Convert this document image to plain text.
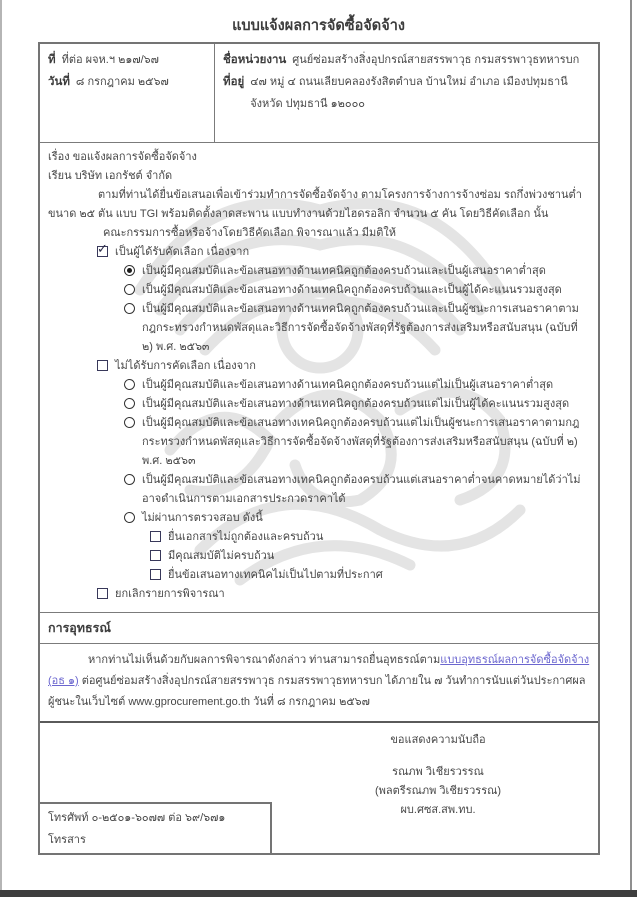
แบบแจ้งผลการจัดซื้อจัดจ้าง
ที่ ที่ต่อ ผจห.ฯ ๒๑๗/๖๗
วันที่ ๘ กรกฎาคม ๒๕๖๗
ชื่อหน่วยงาน ศูนย์ซ่อมสร้างสิ่งอุปกรณ์สายสรรพาวุธ กรมสรรพาวุธทหารบก
ที่อยู่ ๔๗ หมู่ ๔ ถนนเลียบคลองรังสิตตำบล บ้านใหม่ อำเภอ เมืองปทุมธานี จังหวัด ปทุมธานี ๑๒๐๐๐

เรื่อง ขอแจ้งผลการจัดซื้อจัดจ้าง

เรียน บริษัท เอกรัชต์ จำกัด

ตามที่ท่านได้ยื่นข้อเสนอเพื่อเข้าร่วมทำการจัดซื้อจัดจ้าง ตามโครงการจ้างการจ้างซ่อม รถกึ่งพ่วงชานต่ำ ขนาด ๒๕ ตัน แบบ TGI พร้อมติดตั้งลาดสะพาน แบบทำงานด้วยไฮดรอลิก จำนวน ๕ คัน โดยวิธีคัดเลือก นั้น

คณะกรรมการซื้อหรือจ้างโดยวิธีคัดเลือก พิจารณาแล้ว มีมติให้

✓
เป็นผู้ได้รับคัดเลือก เนื่องจาก
เป็นผู้มีคุณสมบัติและข้อเสนอทางด้านเทคนิคถูกต้องครบถ้วนและเป็นผู้เสนอราคาต่ำสุด
เป็นผู้มีคุณสมบัติและข้อเสนอทางด้านเทคนิคถูกต้องครบถ้วนและเป็นผู้ได้คะแนนรวมสูงสุด
เป็นผู้มีคุณสมบัติและข้อเสนอทางด้านเทคนิคถูกต้องครบถ้วนและเป็นผู้ชนะการเสนอราคาตามกฎกระทรวงกำหนดพัสดุและวิธีการจัดซื้อจัดจ้างพัสดุที่รัฐต้องการส่งเสริมหรือสนับสนุน (ฉบับที่ ๒) พ.ศ. ๒๕๖๓
ไม่ได้รับการคัดเลือก เนื่องจาก
เป็นผู้มีคุณสมบัติและข้อเสนอทางด้านเทคนิคถูกต้องครบถ้วนแต่ไม่เป็นผู้เสนอราคาต่ำสุด
เป็นผู้มีคุณสมบัติและข้อเสนอทางด้านเทคนิคถูกต้องครบถ้วนแต่ไม่เป็นผู้ได้คะแนนรวมสูงสุด
เป็นผู้มีคุณสมบัติและข้อเสนอทางเทคนิคถูกต้องครบถ้วนแต่ไม่เป็นผู้ชนะการเสนอราคาตามกฎกระทรวงกำหนดพัสดุและวิธีการจัดซื้อจัดจ้างพัสดุที่รัฐต้องการส่งเสริมหรือสนับสนุน (ฉบับที่ ๒) พ.ศ. ๒๕๖๓
เป็นผู้มีคุณสมบัติและข้อเสนอทางเทคนิคถูกต้องครบถ้วนแต่เสนอราคาต่ำจนคาดหมายได้ว่าไม่อาจดำเนินการตามเอกสารประกวดราคาได้
ไม่ผ่านการตรวจสอบ ดังนี้
ยื่นเอกสารไม่ถูกต้องและครบถ้วน
มีคุณสมบัติไม่ครบถ้วน
ยื่นข้อเสนอทางเทคนิคไม่เป็นไปตามที่ประกาศ
ยกเลิกรายการพิจารณา
การอุทธรณ์

หากท่านไม่เห็นด้วยกับผลการพิจารณาดังกล่าว ท่านสามารถยื่นอุทธรณ์ตามแบบอุทธรณ์ผลการจัดซื้อจัดจ้าง (อธ ๑) ต่อศูนย์ซ่อมสร้างสิ่งอุปกรณ์สายสรรพาวุธ กรมสรรพาวุธทหารบก ได้ภายใน ๗ วันทำการนับแต่วันประกาศผลผู้ชนะในเว็บไซต์ www.gprocurement.go.th วันที่ ๘ กรกฎาคม ๒๕๖๗

ขอแสดงความนับถือ
รณภพ วิเชียรวรรณ
(พลตรีรณภพ วิเชียรวรรณ)
ผบ.ศซส.สพ.ทบ.
โทรศัพท์
๐-๒๕๐๑-๖๐๗๗ ต่อ ๖๙/๖๗๑
โทรสาร
